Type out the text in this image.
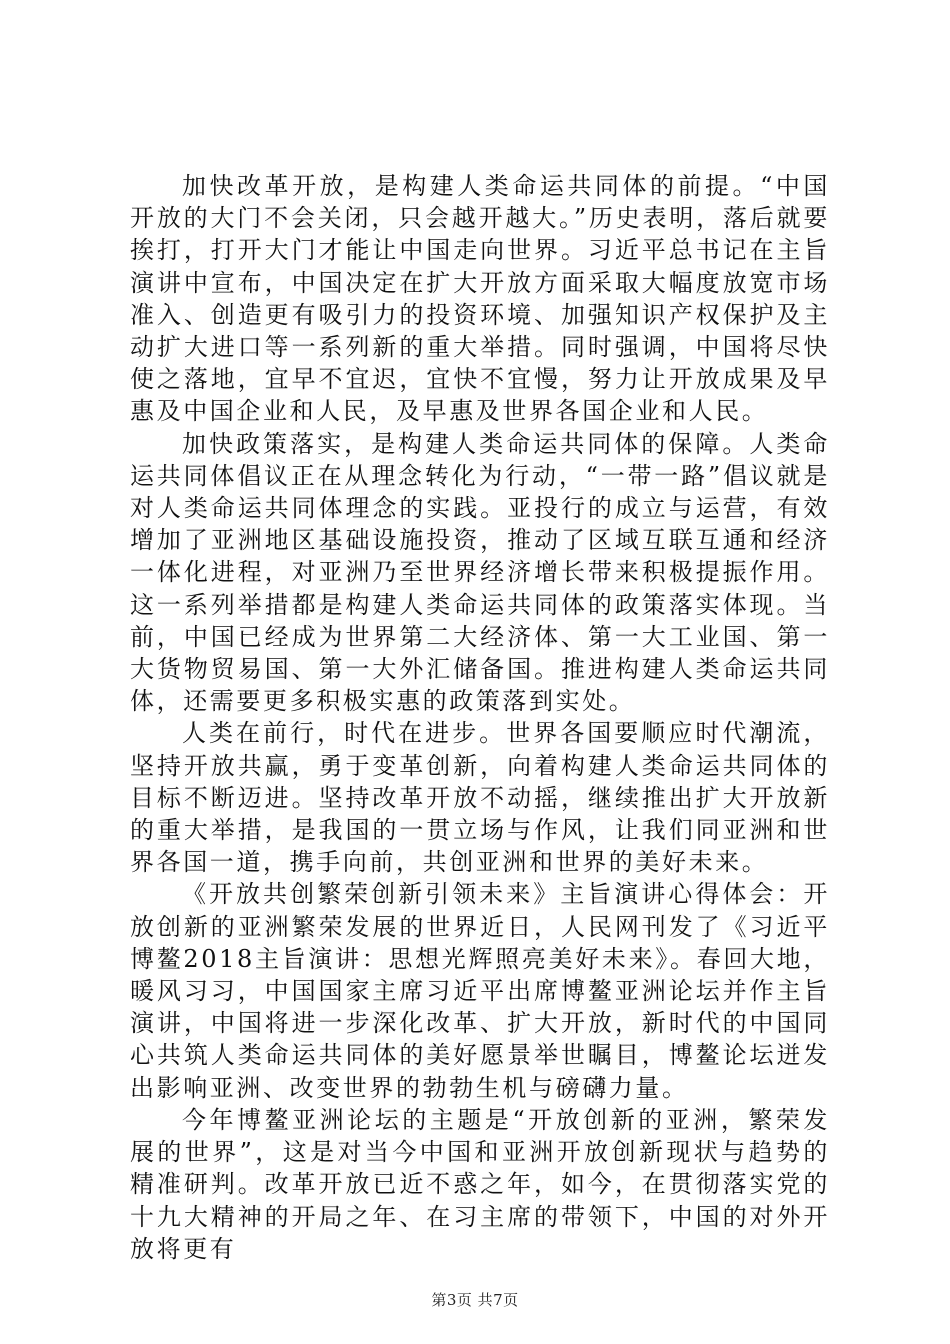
加快改革开放，是构建人类命运共同体的前提。“中国开放的大门不会关闭，只会越开越大。”历史表明，落后就要挨打，打开大门才能让中国走向世界。习近平总书记在主旨演讲中宣布，中国决定在扩大开放方面采取大幅度放宽市场准入、创造更有吸引力的投资环境、加强知识产权保护及主动扩大进口等一系列新的重大举措。同时强调，中国将尽快使之落地，宜早不宜迟，宜快不宜慢，努力让开放成果及早惠及中国企业和人民，及早惠及世界各国企业和人民。

加快政策落实，是构建人类命运共同体的保障。人类命运共同体倡议正在从理念转化为行动，“一带一路”倡议就是对人类命运共同体理念的实践。亚投行的成立与运营，有效增加了亚洲地区基础设施投资，推动了区域互联互通和经济一体化进程，对亚洲乃至世界经济增长带来积极提振作用。这一系列举措都是构建人类命运共同体的政策落实体现。当前，中国已经成为世界第二大经济体、第一大工业国、第一大货物贸易国、第一大外汇储备国。推进构建人类命运共同体，还需要更多积极实惠的政策落到实处。

人类在前行，时代在进步。世界各国要顺应时代潮流，坚持开放共赢，勇于变革创新，向着构建人类命运共同体的目标不断迈进。坚持改革开放不动摇，继续推出扩大开放新的重大举措，是我国的一贯立场与作风，让我们同亚洲和世界各国一道，携手向前，共创亚洲和世界的美好未来。

《开放共创繁荣创新引领未来》主旨演讲心得体会：开放创新的亚洲繁荣发展的世界近日，人民网刊发了《习近平博鳌2018主旨演讲：思想光辉照亮美好未来》。春回大地，暖风习习，中国国家主席习近平出席博鳌亚洲论坛并作主旨演讲，中国将进一步深化改革、扩大开放，新时代的中国同心共筑人类命运共同体的美好愿景举世瞩目，博鳌论坛迸发出影响亚洲、改变世界的勃勃生机与磅礴力量。

今年博鳌亚洲论坛的主题是“开放创新的亚洲，繁荣发展的世界”，这是对当今中国和亚洲开放创新现状与趋势的精准研判。改革开放已近不惑之年，如今，在贯彻落实党的十九大精神的开局之年、在习主席的带领下，中国的对外开放将更有

第3页 共7页
